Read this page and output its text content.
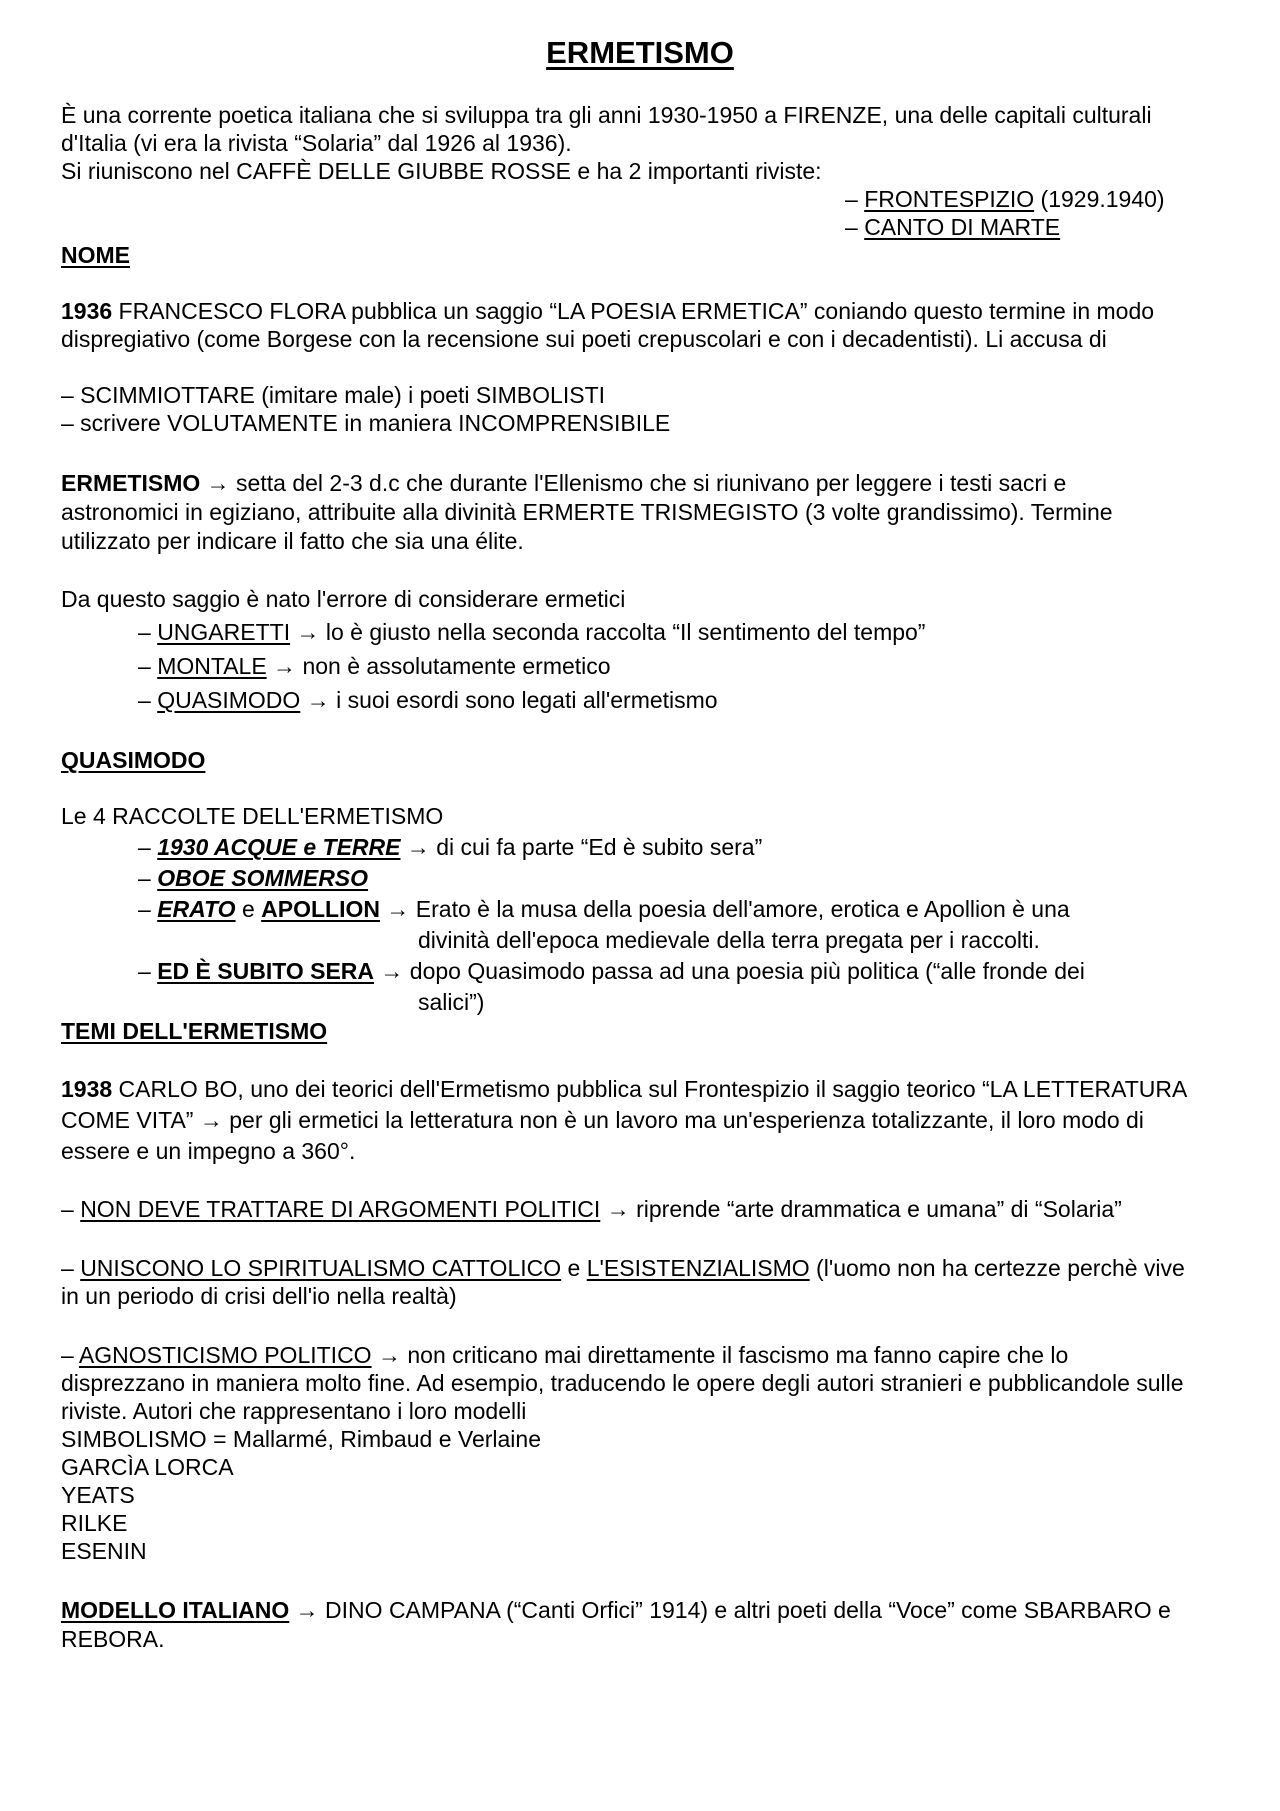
ERMETISMO
È una corrente poetica italiana che si sviluppa tra gli anni 1930-1950 a FIRENZE, una delle capitali culturali
d'Italia (vi era la rivista “Solaria” dal 1926 al 1936).
Si riuniscono nel CAFFÈ DELLE GIUBBE ROSSE e ha 2 importanti riviste:
– FRONTESPIZIO (1929.1940)
– CANTO DI MARTE
NOME
1936 FRANCESCO FLORA pubblica un saggio “LA POESIA ERMETICA” coniando questo termine in modo
dispregiativo (come Borgese con la recensione sui poeti crepuscolari e con i decadentisti). Li accusa di
– SCIMMIOTTARE (imitare male) i poeti SIMBOLISTI
– scrivere VOLUTAMENTE in maniera INCOMPRENSIBILE
ERMETISMO → setta del 2-3 d.c che durante l'Ellenismo che si riunivano per leggere i testi sacri e
astronomici in egiziano, attribuite alla divinità ERMERTE TRISMEGISTO (3 volte grandissimo). Termine
utilizzato per indicare il fatto che sia una élite.
Da questo saggio è nato l'errore di considerare ermetici
– UNGARETTI → lo è giusto nella seconda raccolta “Il sentimento del tempo”
– MONTALE → non è assolutamente ermetico
– QUASIMODO → i suoi esordi sono legati all'ermetismo
QUASIMODO
Le 4 RACCOLTE DELL'ERMETISMO
– 1930 ACQUE e TERRE → di cui fa parte “Ed è subito sera”
– OBOE SOMMERSO
– ERATO e APOLLION → Erato è la musa della poesia dell'amore, erotica e Apollion è una
divinità dell'epoca medievale della terra pregata per i raccolti.
– ED È SUBITO SERA → dopo Quasimodo passa ad una poesia più politica (“alle fronde dei
salici”)
TEMI DELL'ERMETISMO
1938 CARLO BO, uno dei teorici dell'Ermetismo pubblica sul Frontespizio il saggio teorico “LA LETTERATURA
COME VITA” → per gli ermetici la letteratura non è un lavoro ma un'esperienza totalizzante, il loro modo di
essere e un impegno a 360°.
– NON DEVE TRATTARE DI ARGOMENTI POLITICI → riprende “arte drammatica e umana” di “Solaria”
– UNISCONO LO SPIRITUALISMO CATTOLICO e L'ESISTENZIALISMO (l'uomo non ha certezze perchè vive
in un periodo di crisi dell'io nella realtà)
– AGNOSTICISMO POLITICO → non criticano mai direttamente il fascismo ma fanno capire che lo
disprezzano in maniera molto fine. Ad esempio, traducendo le opere degli autori stranieri e pubblicandole sulle
riviste. Autori che rappresentano i loro modelli
SIMBOLISMO = Mallarmé, Rimbaud e Verlaine
GARCÌA LORCA
YEATS
RILKE
ESENIN
MODELLO ITALIANO → DINO CAMPANA (“Canti Orfici” 1914) e altri poeti della “Voce” come SBARBARO e
REBORA.
